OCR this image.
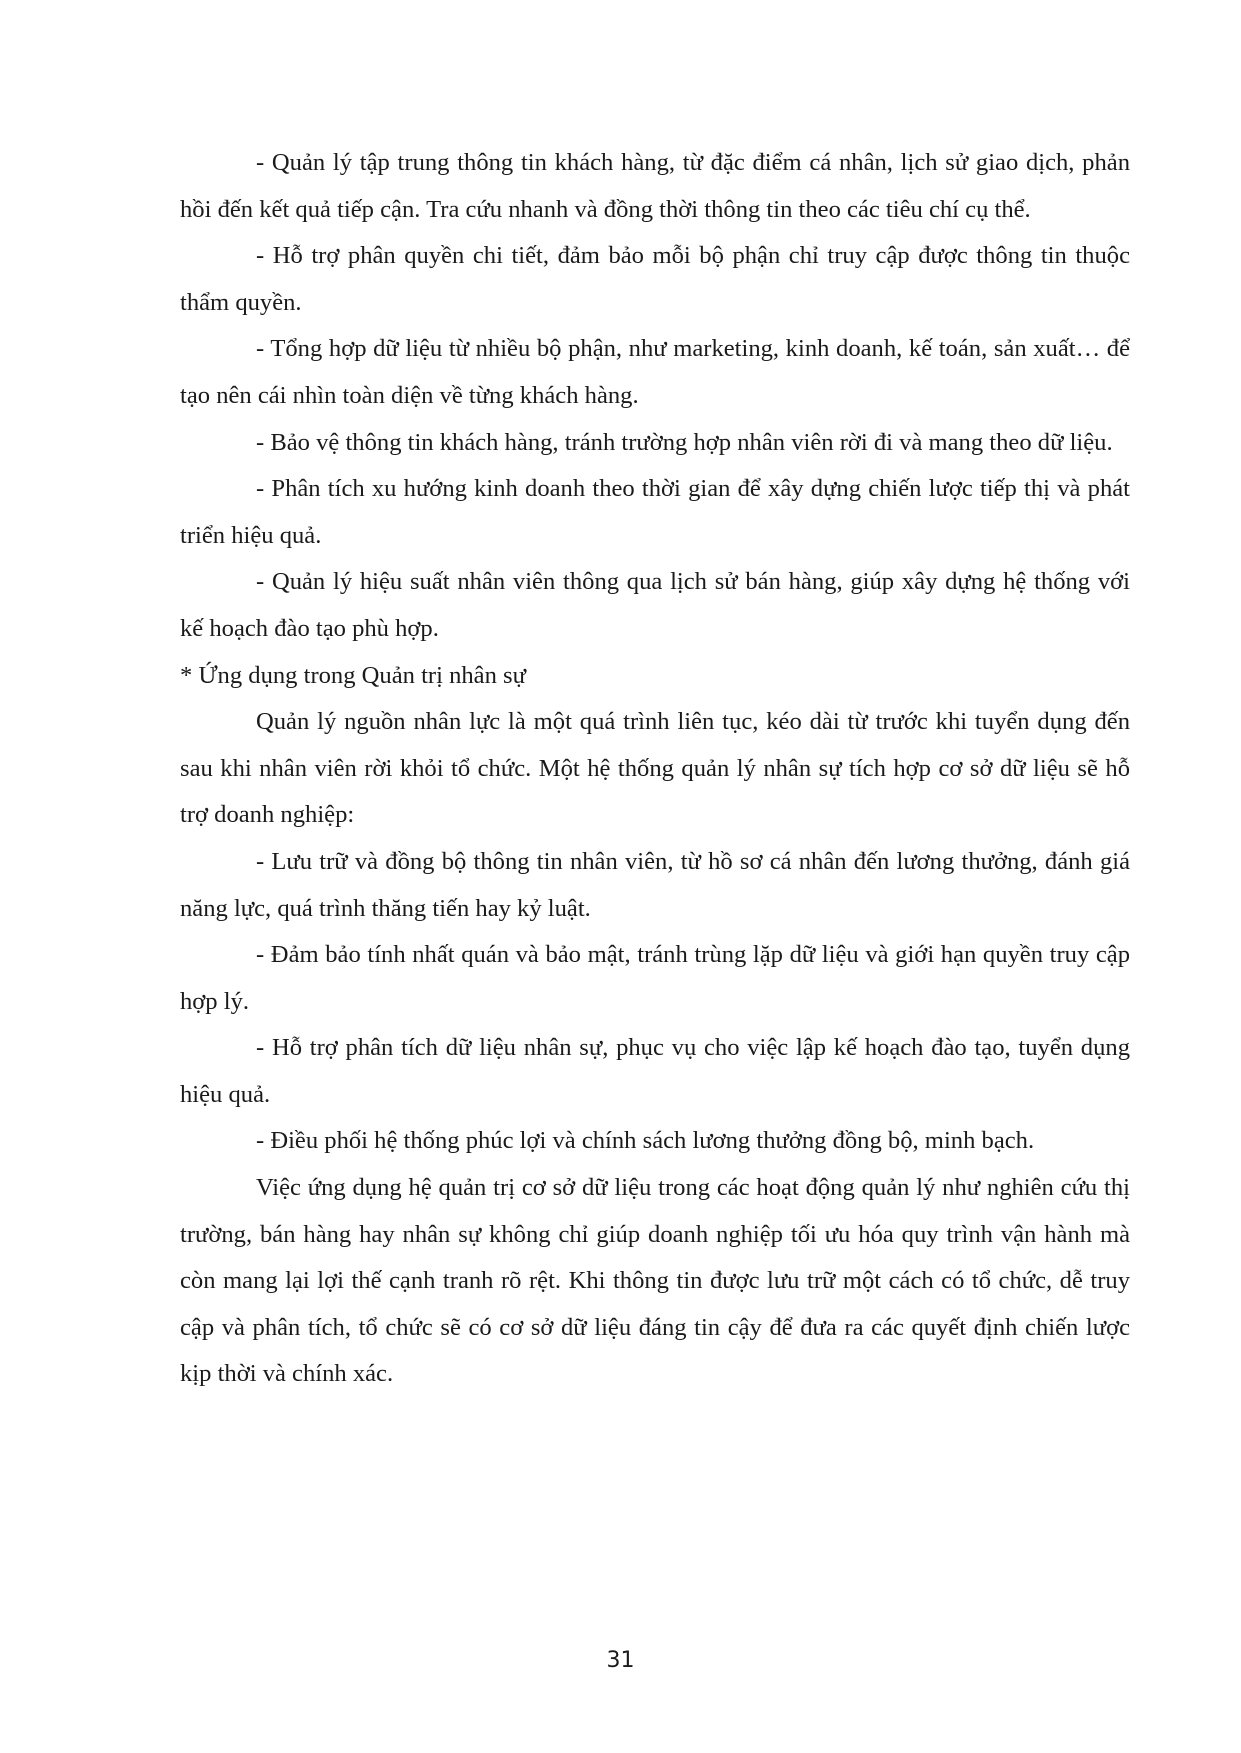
- Quản lý tập trung thông tin khách hàng, từ đặc điểm cá nhân, lịch sử giao dịch, phản hồi đến kết quả tiếp cận. Tra cứu nhanh và đồng thời thông tin theo các tiêu chí cụ thể.

- Hỗ trợ phân quyền chi tiết, đảm bảo mỗi bộ phận chỉ truy cập được thông tin thuộc thẩm quyền.

- Tổng hợp dữ liệu từ nhiều bộ phận, như marketing, kinh doanh, kế toán, sản xuất… để tạo nên cái nhìn toàn diện về từng khách hàng.

- Bảo vệ thông tin khách hàng, tránh trường hợp nhân viên rời đi và mang theo dữ liệu.

- Phân tích xu hướng kinh doanh theo thời gian để xây dựng chiến lược tiếp thị và phát triển hiệu quả.

- Quản lý hiệu suất nhân viên thông qua lịch sử bán hàng, giúp xây dựng hệ thống với kế hoạch đào tạo phù hợp.

* Ứng dụng trong Quản trị nhân sự

Quản lý nguồn nhân lực là một quá trình liên tục, kéo dài từ trước khi tuyển dụng đến sau khi nhân viên rời khỏi tổ chức. Một hệ thống quản lý nhân sự tích hợp cơ sở dữ liệu sẽ hỗ trợ doanh nghiệp:

- Lưu trữ và đồng bộ thông tin nhân viên, từ hồ sơ cá nhân đến lương thưởng, đánh giá năng lực, quá trình thăng tiến hay kỷ luật.

- Đảm bảo tính nhất quán và bảo mật, tránh trùng lặp dữ liệu và giới hạn quyền truy cập hợp lý.

- Hỗ trợ phân tích dữ liệu nhân sự, phục vụ cho việc lập kế hoạch đào tạo, tuyển dụng hiệu quả.

- Điều phối hệ thống phúc lợi và chính sách lương thưởng đồng bộ, minh bạch.

Việc ứng dụng hệ quản trị cơ sở dữ liệu trong các hoạt động quản lý như nghiên cứu thị trường, bán hàng hay nhân sự không chỉ giúp doanh nghiệp tối ưu hóa quy trình vận hành mà còn mang lại lợi thế cạnh tranh rõ rệt. Khi thông tin được lưu trữ một cách có tổ chức, dễ truy cập và phân tích, tổ chức sẽ có cơ sở dữ liệu đáng tin cậy để đưa ra các quyết định chiến lược kịp thời và chính xác.

31
